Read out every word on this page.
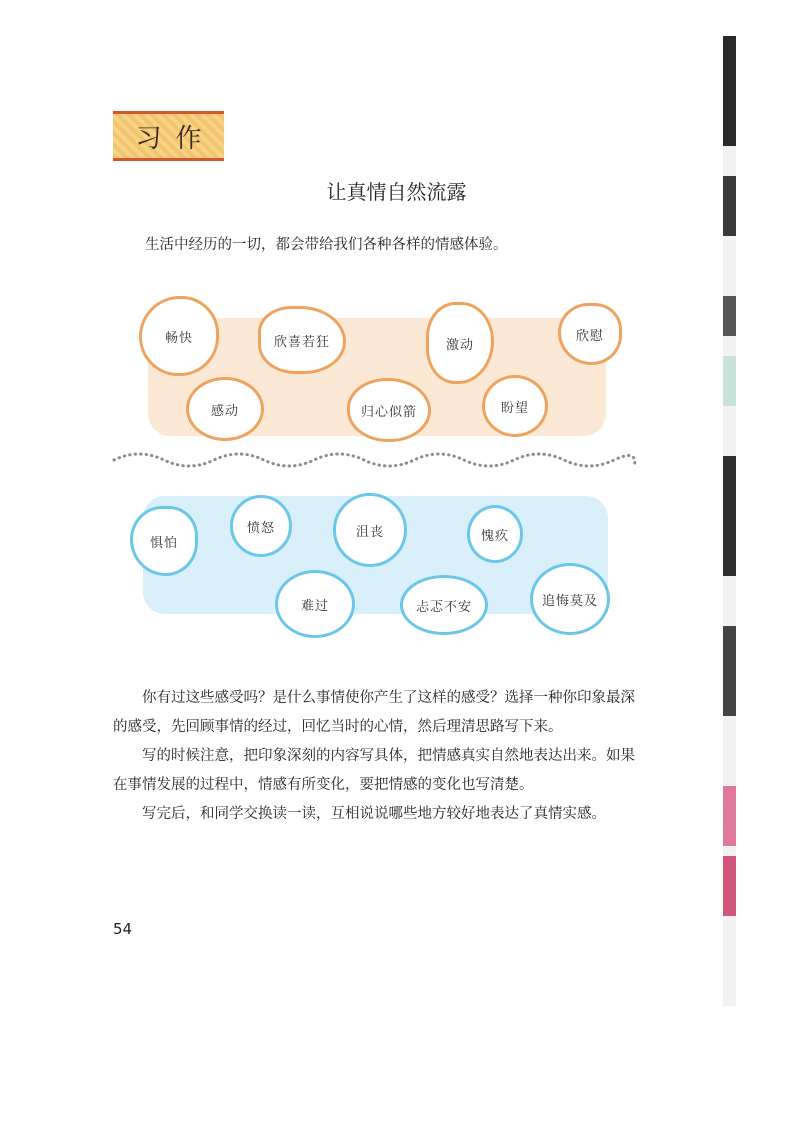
习作
让真情自然流露
生活中经历的一切，都会带给我们各种各样的情感体验。
畅快	欣喜若狂	激动
欣慰
感动	归心似箭	盼望
惧怕
愤怒	沮丧	愧疚
难过	忐忑不安	追悔莫及

你有过这些感受吗？是什么事情使你产生了这样的感受？选择一种你印象最深的感受，先回顾事情的经过，回忆当时的心情，然后理清思路写下来。

写的时候注意，把印象深刻的内容写具体，把情感真实自然地表达出来。如果在事情发展的过程中，情感有所变化，要把情感的变化也写清楚。

写完后，和同学交换读一读，互相说说哪些地方较好地表达了真情实感。

54
